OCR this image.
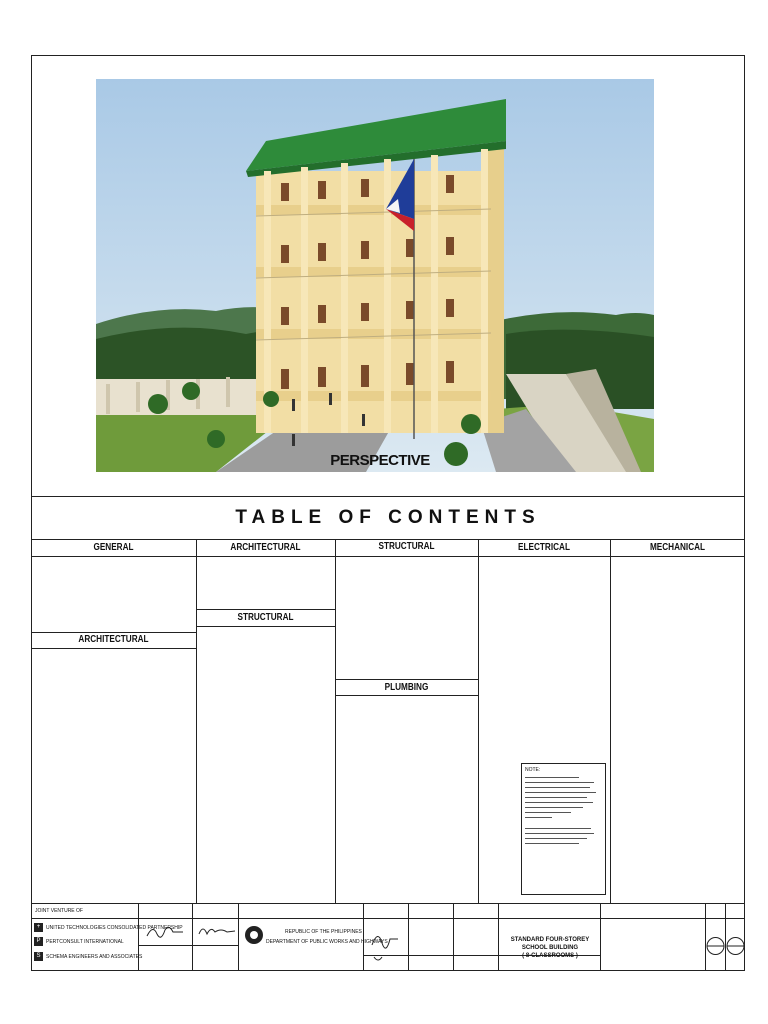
PERSPECTIVE
TABLE OF CONTENTS
GENERAL	ARCHITECTURAL	STRUCTURAL	ELECTRICAL	MECHANICAL
ARCHITECTURAL
STRUCTURAL
PLUMBING
NOTE:
JOINT VENTURE OF
+
P
S
UNITED TECHNOLOGIES CONSOLIDATED PARTNERSHIP
PERTCONSULT INTERNATIONAL
SCHEMA ENGINEERS AND ASSOCIATES
REPUBLIC OF THE PHILIPPINES
DEPARTMENT OF PUBLIC WORKS AND HIGHWAYS	STANDARD FOUR-STOREY
SCHOOL BUILDING
( 8-CLASSROOMS )
